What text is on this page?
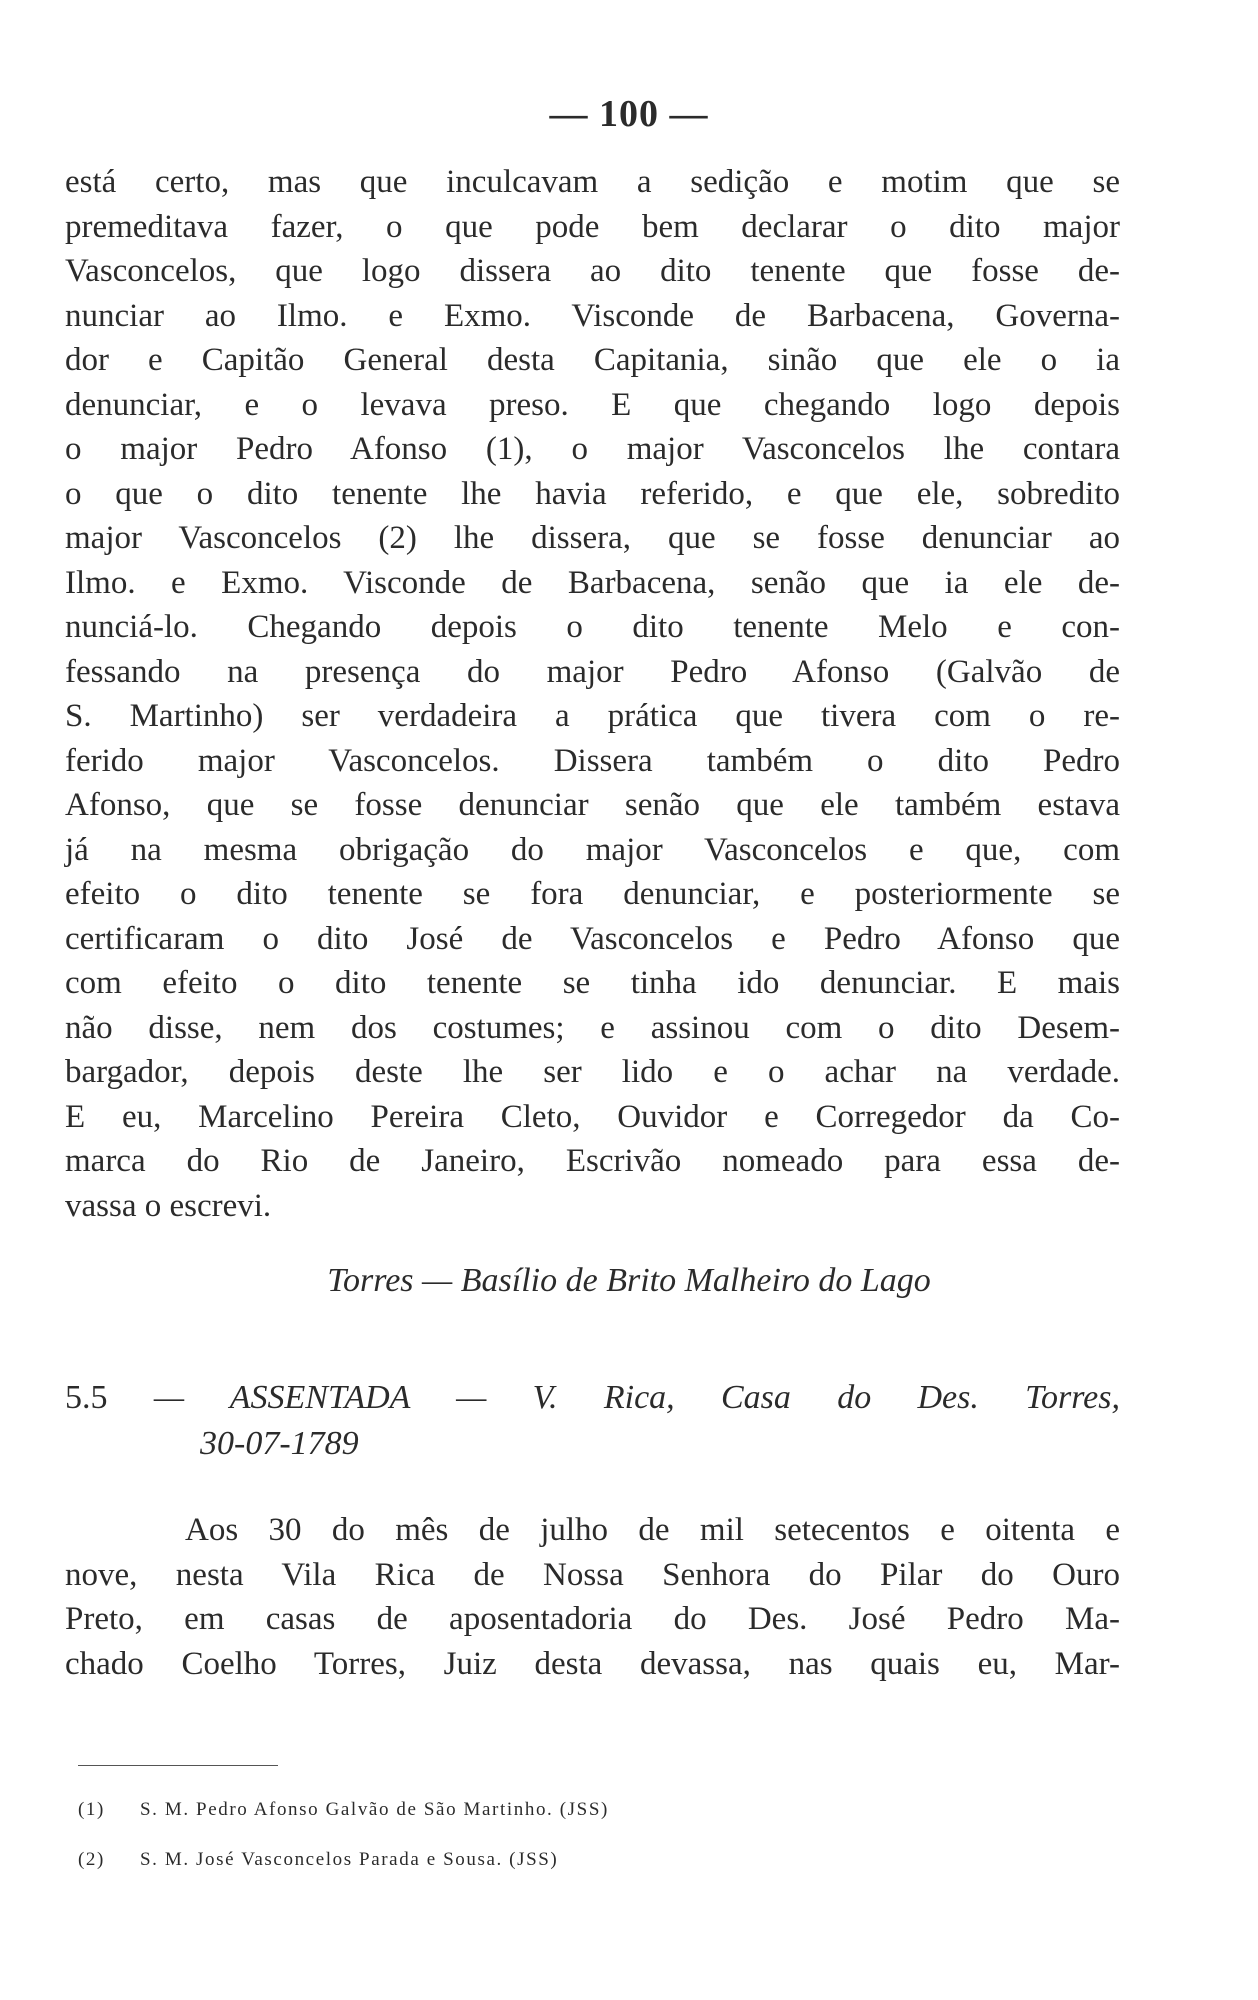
— 100 —
está certo, mas que inculcavam a sedição e motim que se
premeditava fazer, o que pode bem declarar o dito major
Vasconcelos, que logo dissera ao dito tenente que fosse de-
nunciar ao Ilmo. e Exmo. Visconde de Barbacena, Governa-
dor e Capitão General desta Capitania, sinão que ele o ia
denunciar, e o levava preso. E que chegando logo depois
o major Pedro Afonso (1), o major Vasconcelos lhe contara
o que o dito tenente lhe havia referido, e que ele, sobredito
major Vasconcelos (2) lhe dissera, que se fosse denunciar ao
Ilmo. e Exmo. Visconde de Barbacena, senão que ia ele de-
nunciá-lo. Chegando depois o dito tenente Melo e con-
fessando na presença do major Pedro Afonso (Galvão de
S. Martinho) ser verdadeira a prática que tivera com o re-
ferido major Vasconcelos. Dissera também o dito Pedro
Afonso, que se fosse denunciar senão que ele também estava
já na mesma obrigação do major Vasconcelos e que, com
efeito o dito tenente se fora denunciar, e posteriormente se
certificaram o dito José de Vasconcelos e Pedro Afonso que
com efeito o dito tenente se tinha ido denunciar. E mais
não disse, nem dos costumes; e assinou com o dito Desem-
bargador, depois deste lhe ser lido e o achar na verdade.
E eu, Marcelino Pereira Cleto, Ouvidor e Corregedor da Co-
marca do Rio de Janeiro, Escrivão nomeado para essa de-
vassa o escrevi.
Torres — Basílio de Brito Malheiro do Lago
5.5 — ASSENTADA — V. Rica, Casa do Des. Torres,
30-07-1789
Aos 30 do mês de julho de mil setecentos e oitenta e
nove, nesta Vila Rica de Nossa Senhora do Pilar do Ouro
Preto, em casas de aposentadoria do Des. José Pedro Ma-
chado Coelho Torres, Juiz desta devassa, nas quais eu, Mar-
(1) S. M. Pedro Afonso Galvão de São Martinho. (JSS)
(2) S. M. José Vasconcelos Parada e Sousa. (JSS)
